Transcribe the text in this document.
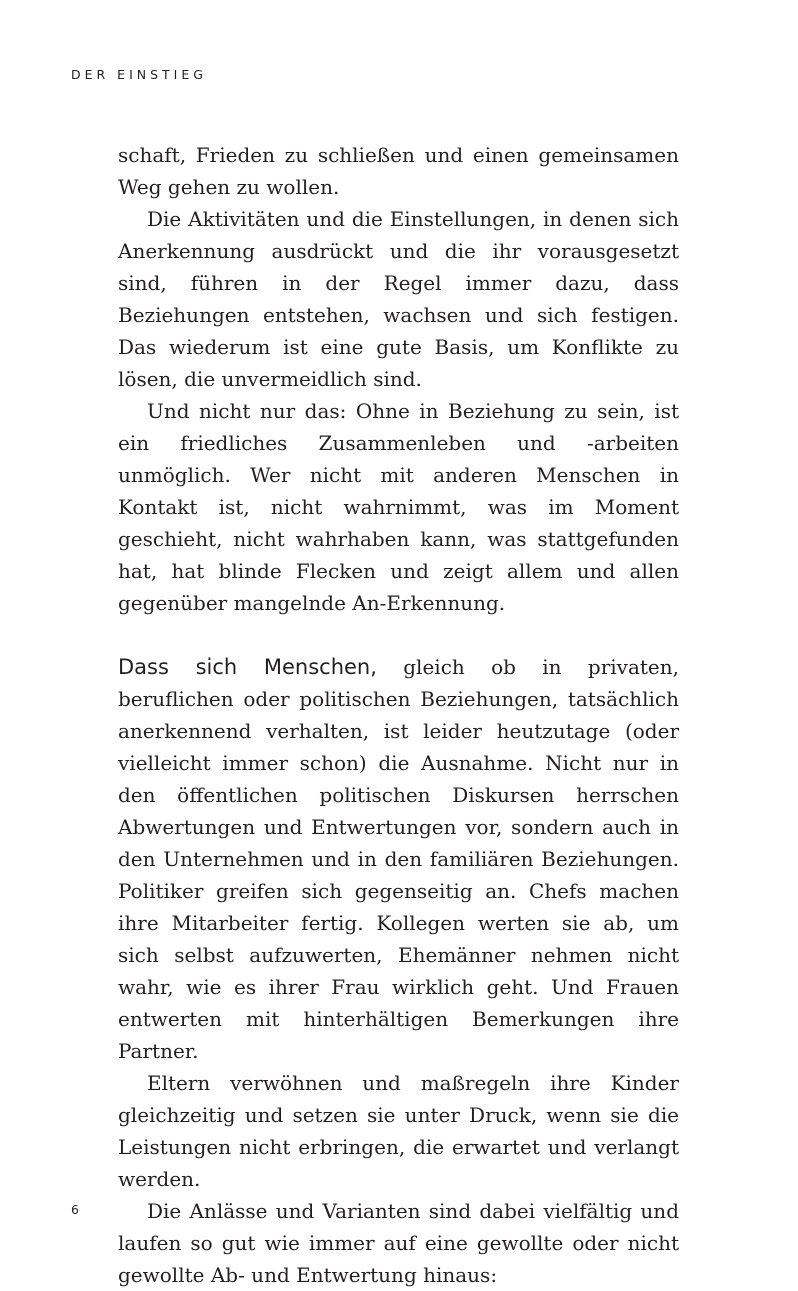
DER EINSTIEG

schaft, Frieden zu schließen und einen gemeinsamen Weg gehen zu wollen.

Die Aktivitäten und die Einstellungen, in denen sich Anerkennung ausdrückt und die ihr vorausgesetzt sind, führen in der Regel immer dazu, dass Beziehungen entstehen, wachsen und sich festigen. Das wiederum ist eine gute Basis, um Konflikte zu lösen, die unvermeidlich sind.

Und nicht nur das: Ohne in Beziehung zu sein, ist ein friedliches Zusammenleben und -arbeiten unmöglich. Wer nicht mit anderen Menschen in Kontakt ist, nicht wahrnimmt, was im Moment geschieht, nicht wahrhaben kann, was stattgefunden hat, hat blinde Flecken und zeigt allem und allen gegenüber mangelnde An-Erkennung.

Dass sich Menschen, gleich ob in privaten, beruflichen oder politischen Beziehungen, tatsächlich anerkennend verhalten, ist leider heutzutage (oder vielleicht immer schon) die Ausnahme. Nicht nur in den öffentlichen politischen Diskursen herrschen Abwertungen und Entwertungen vor, sondern auch in den Unternehmen und in den familiären Beziehungen. Politiker greifen sich gegenseitig an. Chefs machen ihre Mitarbeiter fertig. Kollegen werten sie ab, um sich selbst aufzuwerten, Ehemänner nehmen nicht wahr, wie es ihrer Frau wirklich geht. Und Frauen entwerten mit hinterhältigen Bemerkungen ihre Partner.

Eltern verwöhnen und maßregeln ihre Kinder gleichzeitig und setzen sie unter Druck, wenn sie die Leistungen nicht erbringen, die erwartet und verlangt werden.

Die Anlässe und Varianten sind dabei vielfältig und laufen so gut wie immer auf eine gewollte oder nicht gewollte Ab- und Entwertung hinaus:

6
